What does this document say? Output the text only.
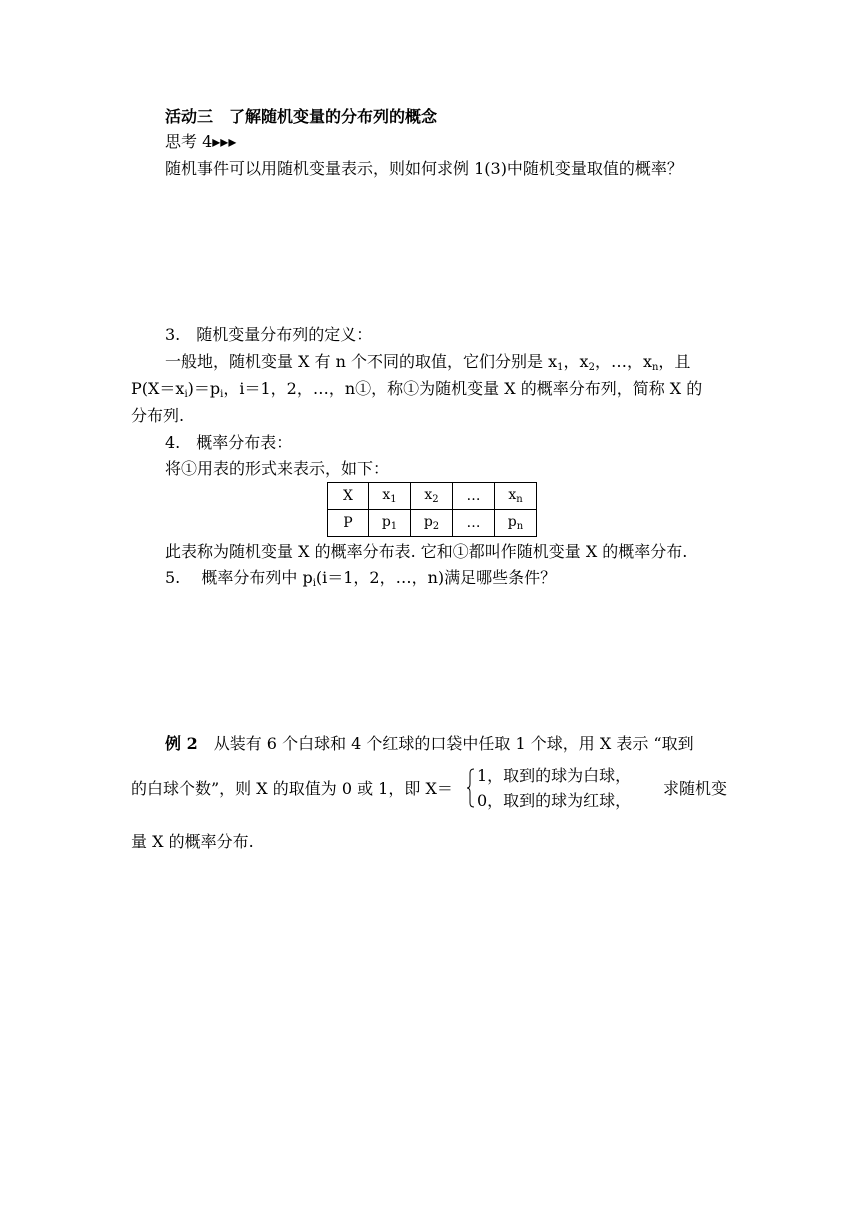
活动三　了解随机变量的分布列的概念
思考 4▸▸▸
随机事件可以用随机变量表示，则如何求例 1(3)中随机变量取值的概率？
3.　随机变量分布列的定义：
一般地，随机变量 X 有 n 个不同的取值，它们分别是 $x_1$，$x_2$，…，$x_n$，且
$P(X=x_i)=p_i$，i＝1，2，…，n①，称①为随机变量 X 的概率分布列，简称 X 的
分布列.
4.　概率分布表：
将①用表的形式来表示，如下：
X	$x_1$	$x_2$	…	$x_n$
P	$p_1$	$p_2$	…	$p_n$
此表称为随机变量 X 的概率分布表. 它和①都叫作随机变量 X 的概率分布.
5.　 概率分布列中 $p_i(i=1$，2，…，n)满足哪些条件？
例 2　从装有 6 个白球和 4 个红球的口袋中任取 1 个球，用 X 表示 “取到
的白球个数”，则 X 的取值为 0 或 1，即 X＝
1，取到的球为白球，
0，取到的球为红球，
求随机变
量 X 的概率分布.
